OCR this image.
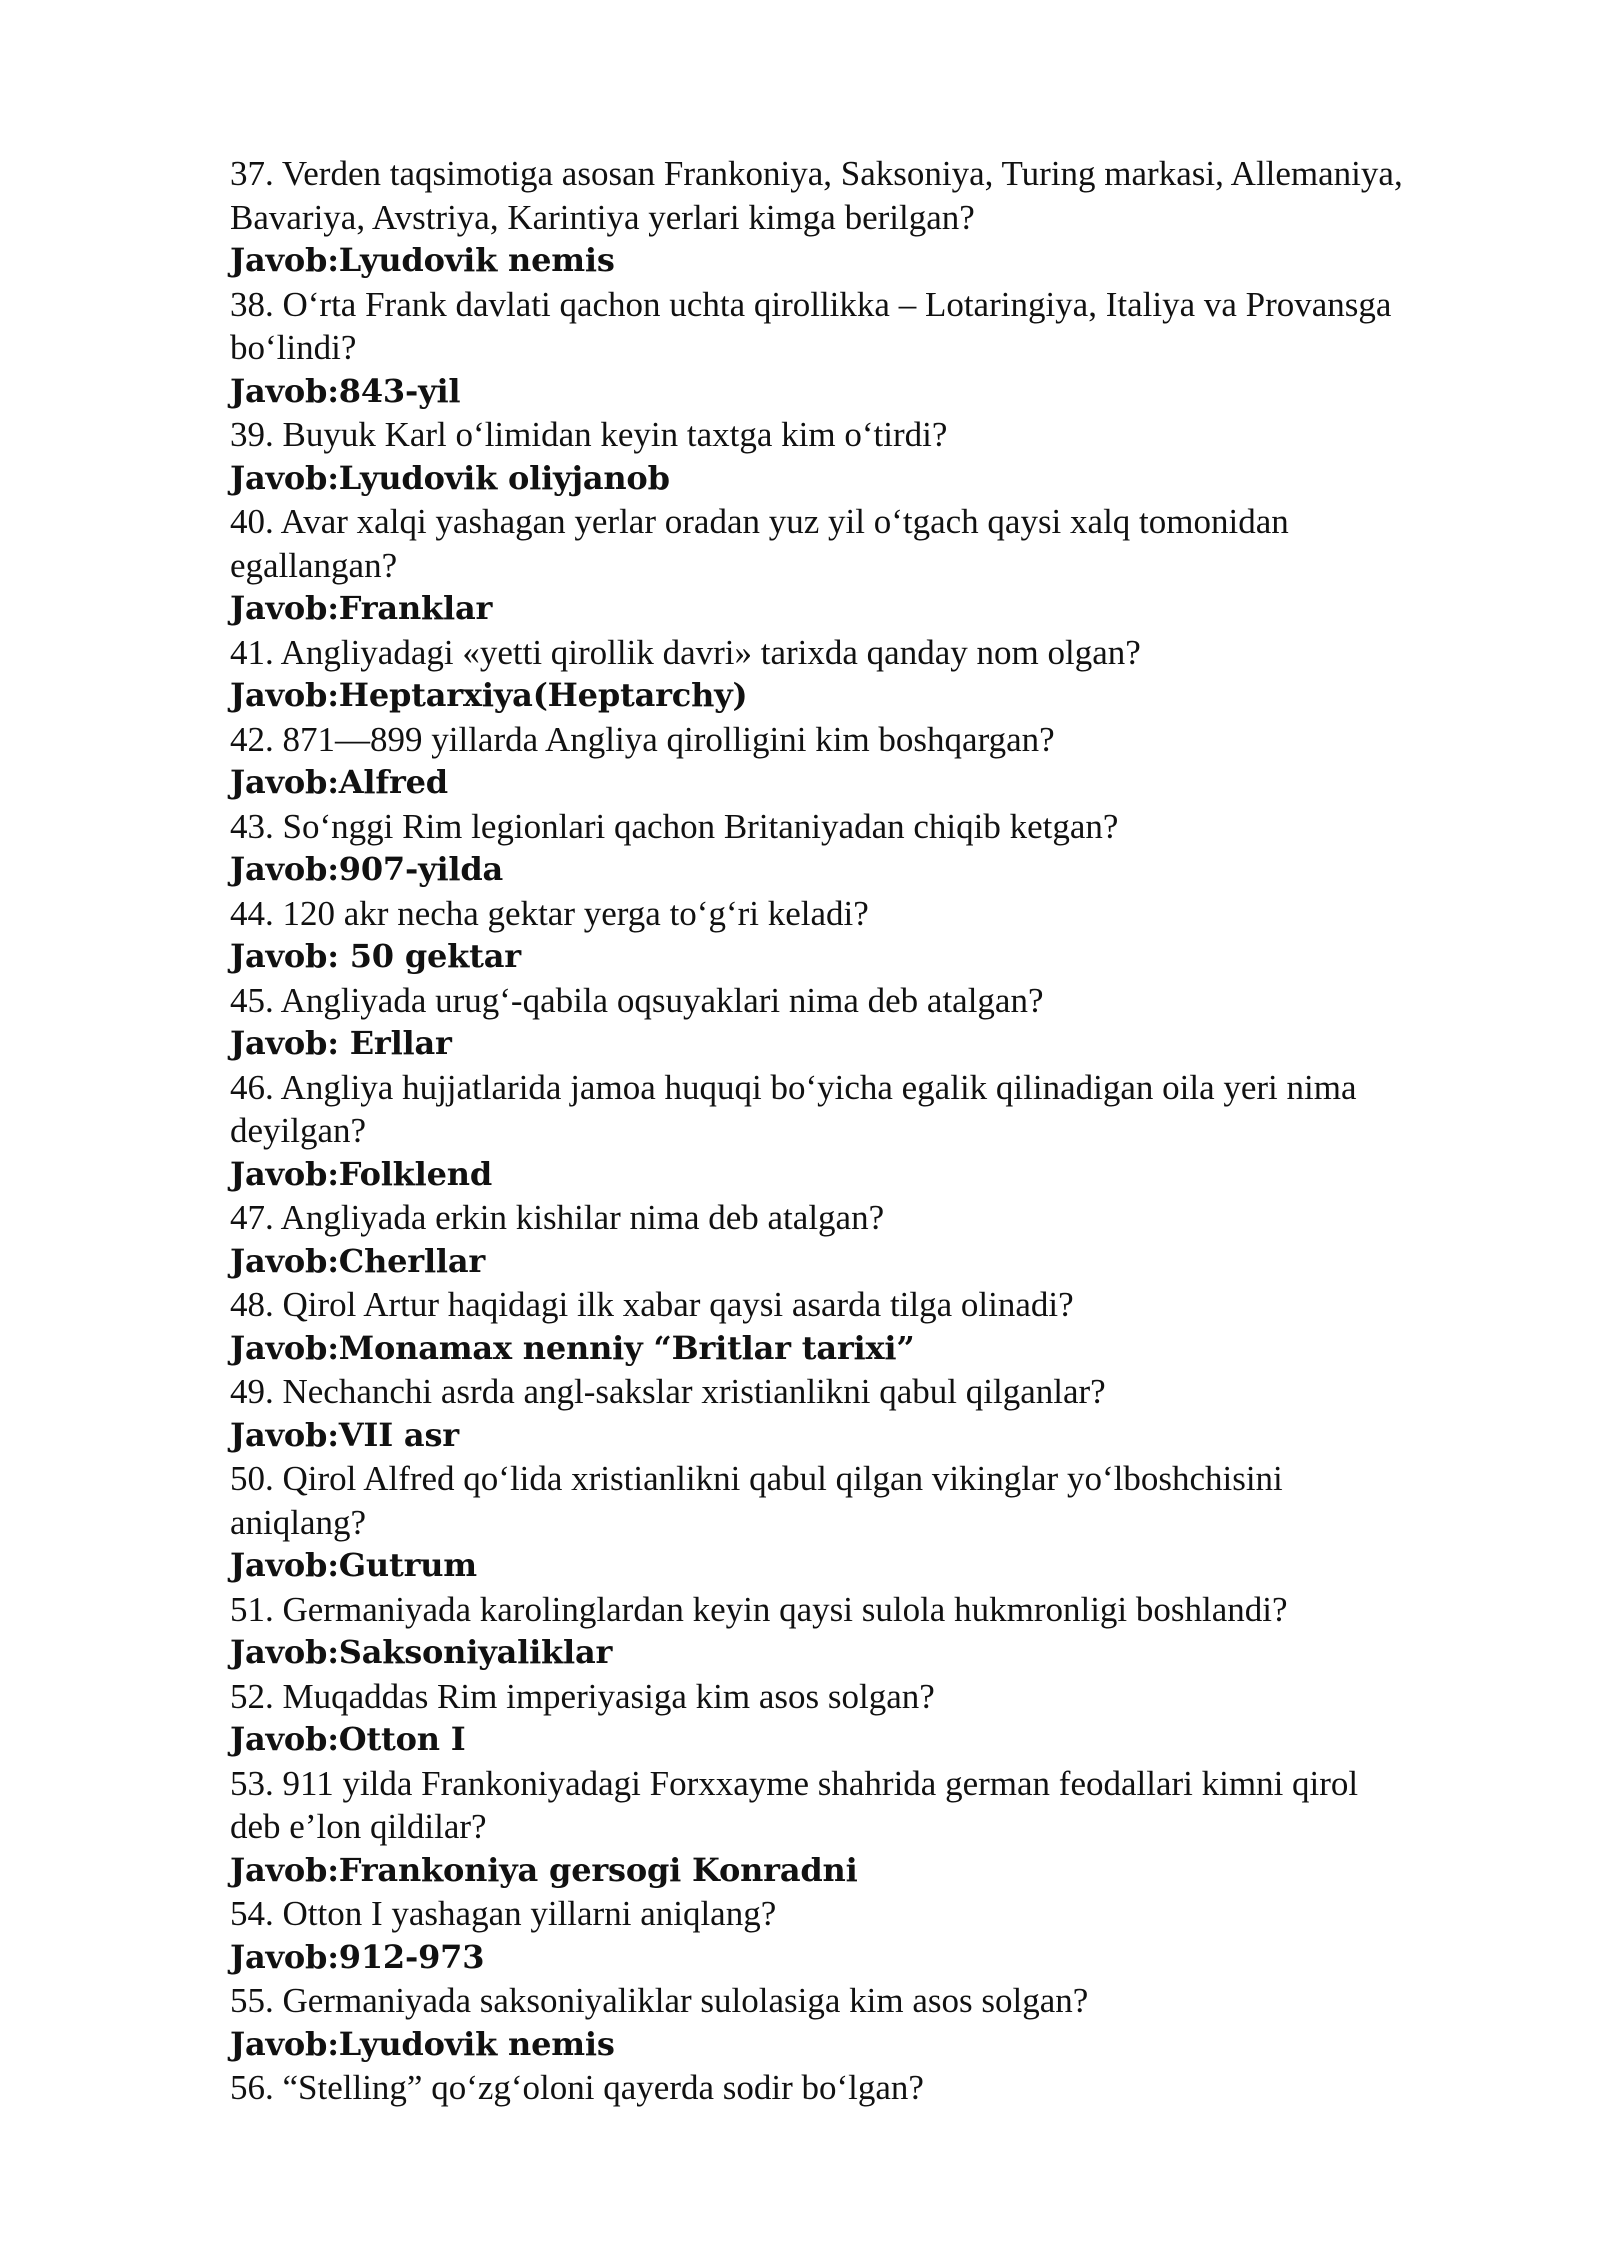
37. Verden taqsimotiga asosan Frankoniya, Saksoniya, Turing markasi, Allemaniya,
Bavariya, Avstriya, Karintiya yerlari kimga berilgan?
Javob:Lyudovik nemis
38. O‘rta Frank davlati qachon uchta qirollikka – Lotaringiya, Italiya va Provansga
bo‘lindi?
Javob:843-yil
39. Buyuk Karl o‘limidan keyin taxtga kim o‘tirdi?
Javob:Lyudovik oliyjanob
40. Avar xalqi yashagan yerlar oradan yuz yil o‘tgach qaysi xalq tomonidan
egallangan?
Javob:Franklar
41. Angliyadagi «yetti qirollik davri» tarixda qanday nom olgan?
Javob:Heptarxiya(Heptarchy)
42. 871—899 yillarda Angliya qirolligini kim boshqargan?
Javob:Alfred
43. So‘nggi Rim legionlari qachon Britaniyadan chiqib ketgan?
Javob:907-yilda
44. 120 akr necha gektar yerga to‘g‘ri keladi?
Javob: 50 gektar
45. Angliyada urug‘-qabila oqsuyaklari nima deb atalgan?
Javob: Erllar
46. Angliya hujjatlarida jamoa huquqi bo‘yicha egalik qilinadigan oila yeri nima
deyilgan?
Javob:Folklend
47. Angliyada erkin kishilar nima deb atalgan?
Javob:Cherllar
48. Qirol Artur haqidagi ilk xabar qaysi asarda tilga olinadi?
Javob:Monamax nenniy “Britlar tarixi”
49. Nechanchi asrda angl-sakslar xristianlikni qabul qilganlar?
Javob:VII asr
50. Qirol Alfred qo‘lida xristianlikni qabul qilgan vikinglar yo‘lboshchisini
aniqlang?
Javob:Gutrum
51. Germaniyada karolinglardan keyin qaysi sulola hukmronligi boshlandi?
Javob:Saksoniyaliklar
52. Muqaddas Rim imperiyasiga kim asos solgan?
Javob:Otton I
53. 911 yilda Frankoniyadagi Forxxayme shahrida german feodallari kimni qirol
deb e’lon qildilar?
Javob:Frankoniya gersogi Konradni
54. Otton I yashagan yillarni aniqlang?
Javob:912-973
55. Germaniyada saksoniyaliklar sulolasiga kim asos solgan?
Javob:Lyudovik nemis
56. “Stelling” qo‘zg‘oloni qayerda sodir bo‘lgan?
